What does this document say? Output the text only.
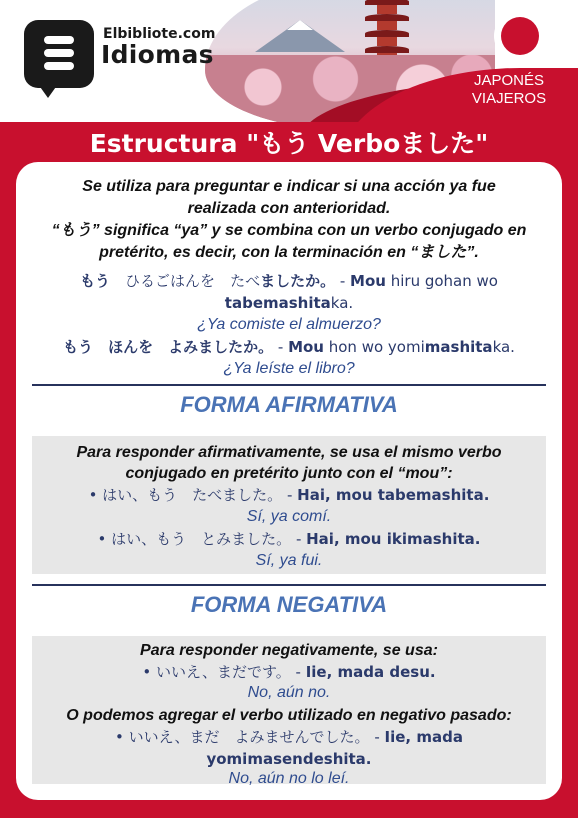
Elbibliote.com
Idiomas
JAPONÉS
VIAJEROS
Estructura "もう Verboました"
Se utiliza para preguntar e indicar si una acción ya fue
realizada con anterioridad.
“もう” significa “ya” y se combina con un verbo conjugado en
pretérito, es decir, con la terminación en “ました”.
もう　 ひるごはんを　 たべましたか。 - Mou hiru gohan wo
tabemashitaka.
¿Ya comiste el almuerzo?
もう　 ほんを　 よみましたか。 - Mou hon wo yomimashitaka.
¿Ya leíste el libro?
FORMA AFIRMATIVA
Para responder afirmativamente, se usa el mismo verbo
conjugado en pretérito junto con el “mou”:
• はい、もう　たべました。 - Hai, mou tabemashita.
Sí, ya comí.
• はい、もう　とみました。 - Hai, mou ikimashita.
Sí, ya fui.
FORMA NEGATIVA
Para responder negativamente, se usa:
• いいえ、まだです。 - Iie, mada desu.
No, aún no.
O podemos agregar el verbo utilizado en negativo pasado:
• いいえ、まだ　よみませんでした。 - Iie, mada
yomimasendeshita.
No, aún no lo leí.
